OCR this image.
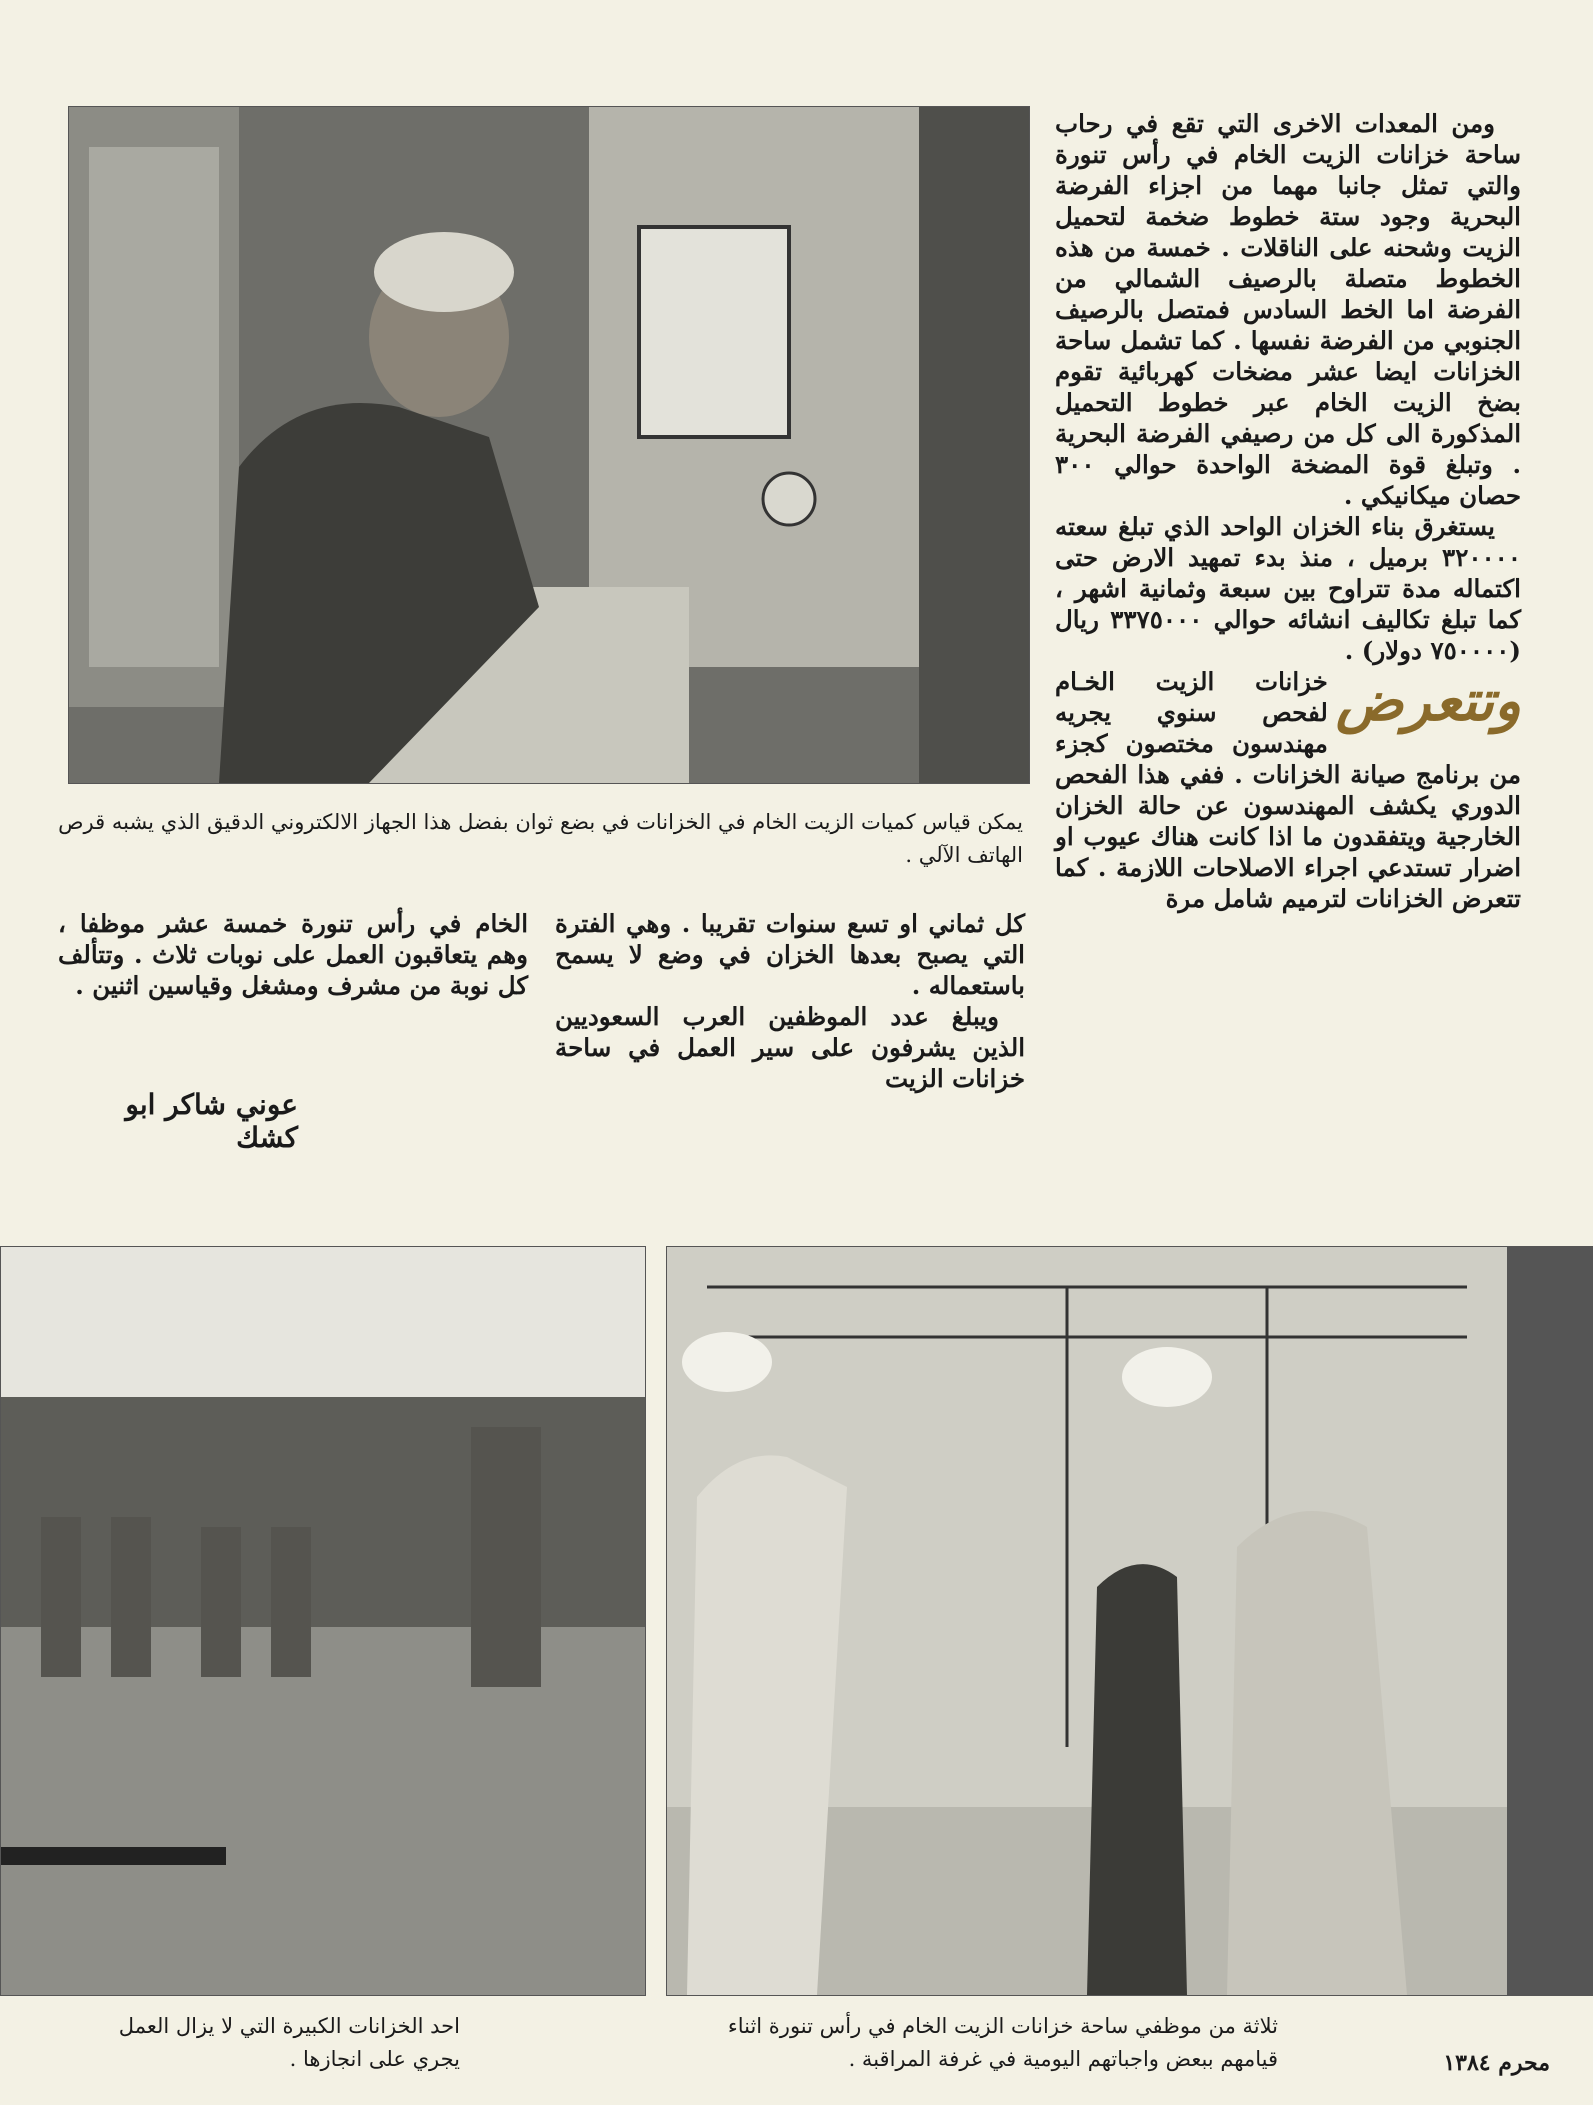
ومن المعدات الاخرى التي تقع في رحاب ساحة خزانات الزيت الخام في رأس تنورة والتي تمثل جانبا مهما من اجزاء الفرضة البحرية وجود ستة خطوط ضخمة لتحميل الزيت وشحنه على الناقلات . خمسة من هذه الخطوط متصلة بالرصيف الشمالي من الفرضة اما الخط السادس فمتصل بالرصيف الجنوبي من الفرضة نفسها . كما تشمل ساحة الخزانات ايضا عشر مضخات كهربائية تقوم بضخ الزيت الخام عبر خطوط التحميل المذكورة الى كل من رصيفي الفرضة البحرية . وتبلغ قوة المضخة الواحدة حوالي ٣٠٠ حصان ميكانيكي .

يستغرق بناء الخزان الواحد الذي تبلغ سعته ٣٢٠٠٠٠ برميل ، منذ بدء تمهيد الارض حتى اكتماله مدة تتراوح بين سبعة وثمانية اشهر ، كما تبلغ تكاليف انشائه حوالي ٣٣٧٥٠٠٠ ريال (٧٥٠٠٠٠ دولار) .

وتتعرض
خزانات الزيت الخـام لفحص سنوي يجريه مهندسون مختصون كجزء من برنامج صيانة الخزانات . ففي هذا الفحص الدوري يكشف المهندسون عن حالة الخزان الخارجية ويتفقدون ما اذا كانت هناك عيوب او اضرار تستدعي اجراء الاصلاحات اللازمة . كما تتعرض الخزانات لترميم شامل مرة

يمكن قياس كميات الزيت الخام في الخزانات في بضع ثوان بفضل هذا الجهاز الالكتروني الدقيق الذي يشبه قرص الهاتف الآلي .

كل ثماني او تسع سنوات تقريبا . وهي الفترة التي يصبح بعدها الخزان في وضع لا يسمح باستعماله .

ويبلغ عدد الموظفين العرب السعوديين الذين يشرفون على سير العمل في ساحة خزانات الزيت

الخام في رأس تنورة خمسة عشر موظفا ، وهم يتعاقبون العمل على نوبات ثلاث . وتتألف كل نوبة من مشرف ومشغل وقياسين اثنين .

عوني شاكر ابو كشك
ثلاثة من موظفي ساحة خزانات الزيت الخام في رأس تنورة اثناء قيامهم ببعض واجباتهم اليومية في غرفة المراقبة .
احد الخزانات الكبيرة التي لا يزال العمل يجري على انجازها .	محرم ١٣٨٤
